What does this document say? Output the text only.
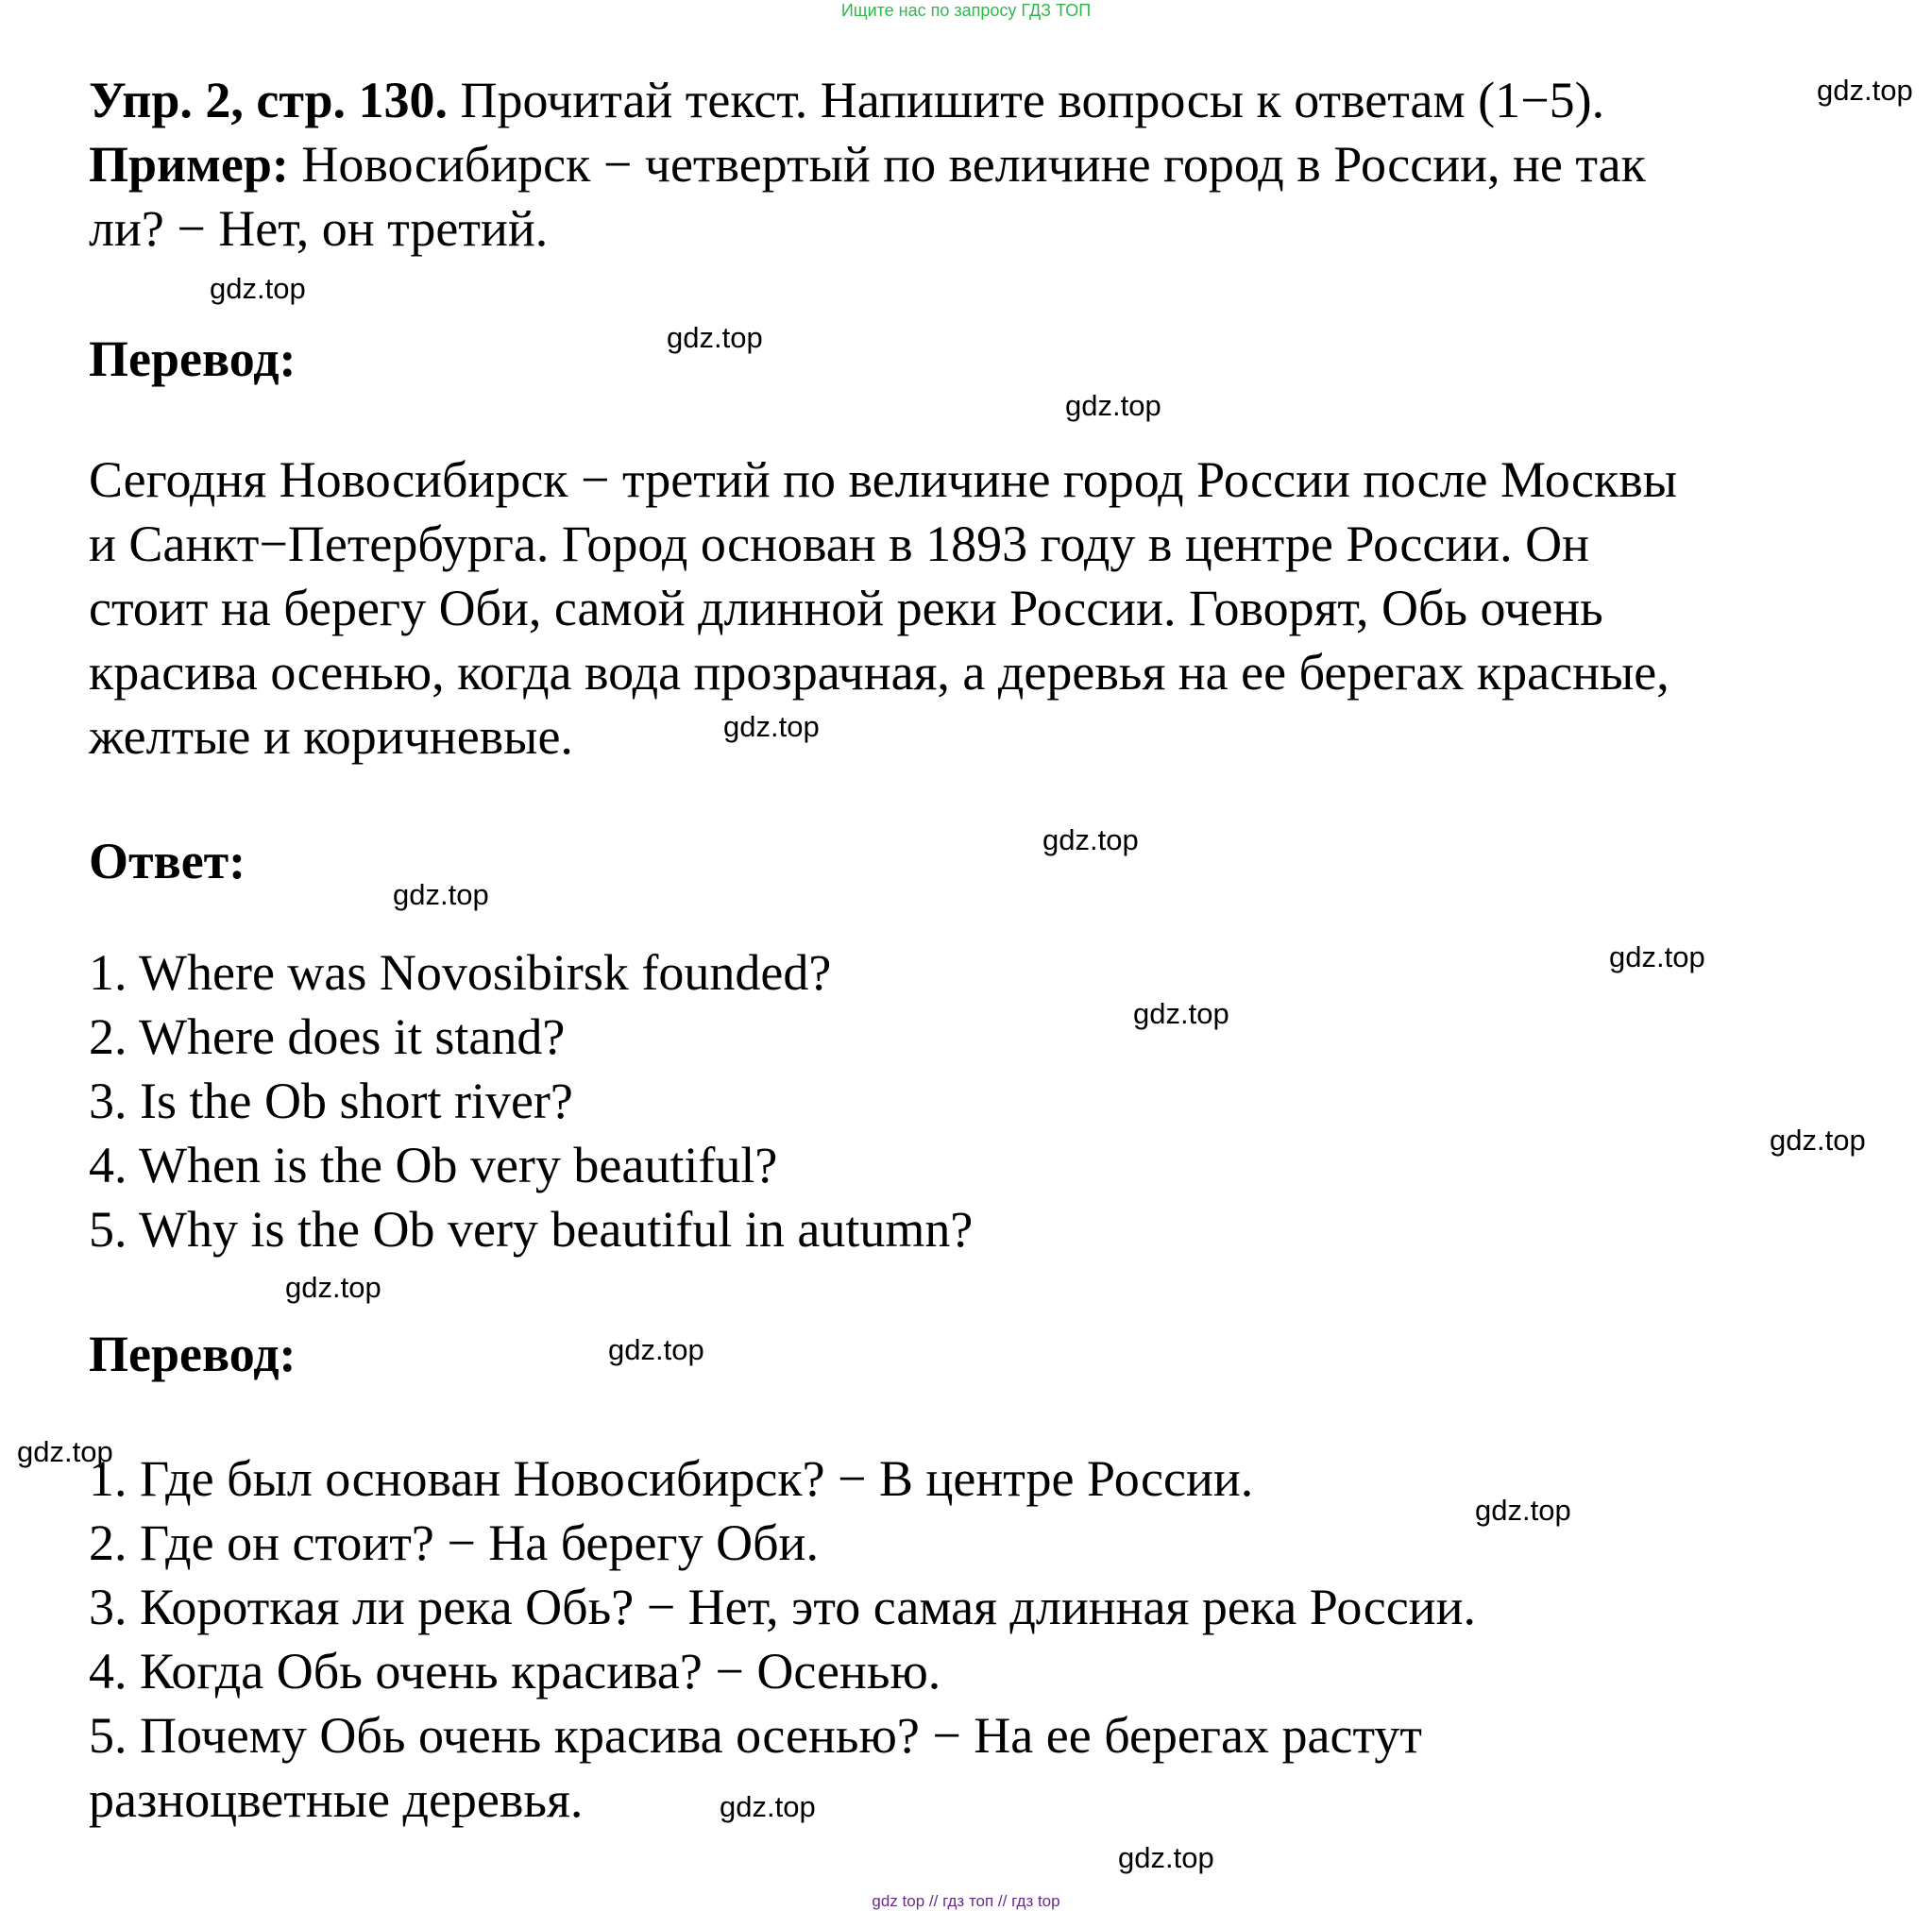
Ищите нас по запросу ГДЗ ТОП
Упр. 2, стр. 130. Прочитай текст. Напишите вопросы к ответам (1−5).
Пример: Новосибирск − четвертый по величине город в России, не так
ли? − Нет, он третий.
Перевод:
Сегодня Новосибирск − третий по величине город России после Москвы
и Санкт−Петербурга. Город основан в 1893 году в центре России. Он
стоит на берегу Оби, самой длинной реки России. Говорят, Обь очень
красива осенью, когда вода прозрачная, а деревья на ее берегах красные,
желтые и коричневые.
Ответ:
1. Where was Novosibirsk founded?
2. Where does it stand?
3. Is the Ob short river?
4. When is the Ob very beautiful?
5. Why is the Ob very beautiful in autumn?
Перевод:
1. Где был основан Новосибирск? − В центре России.
2. Где он стоит? − На берегу Оби.
3. Короткая ли река Обь? − Нет, это самая длинная река России.
4. Когда Обь очень красива? − Осенью.
5. Почему Обь очень красива осенью? − На ее берегах растут
разноцветные деревья.
gdz.top
gdz.top
gdz.top
gdz.top
gdz.top
gdz.top
gdz.top
gdz.top
gdz.top
gdz.top
gdz.top
gdz.top
gdz.top
gdz.top
gdz.top
gdz.top
gdz top // гдз топ // гдз top
